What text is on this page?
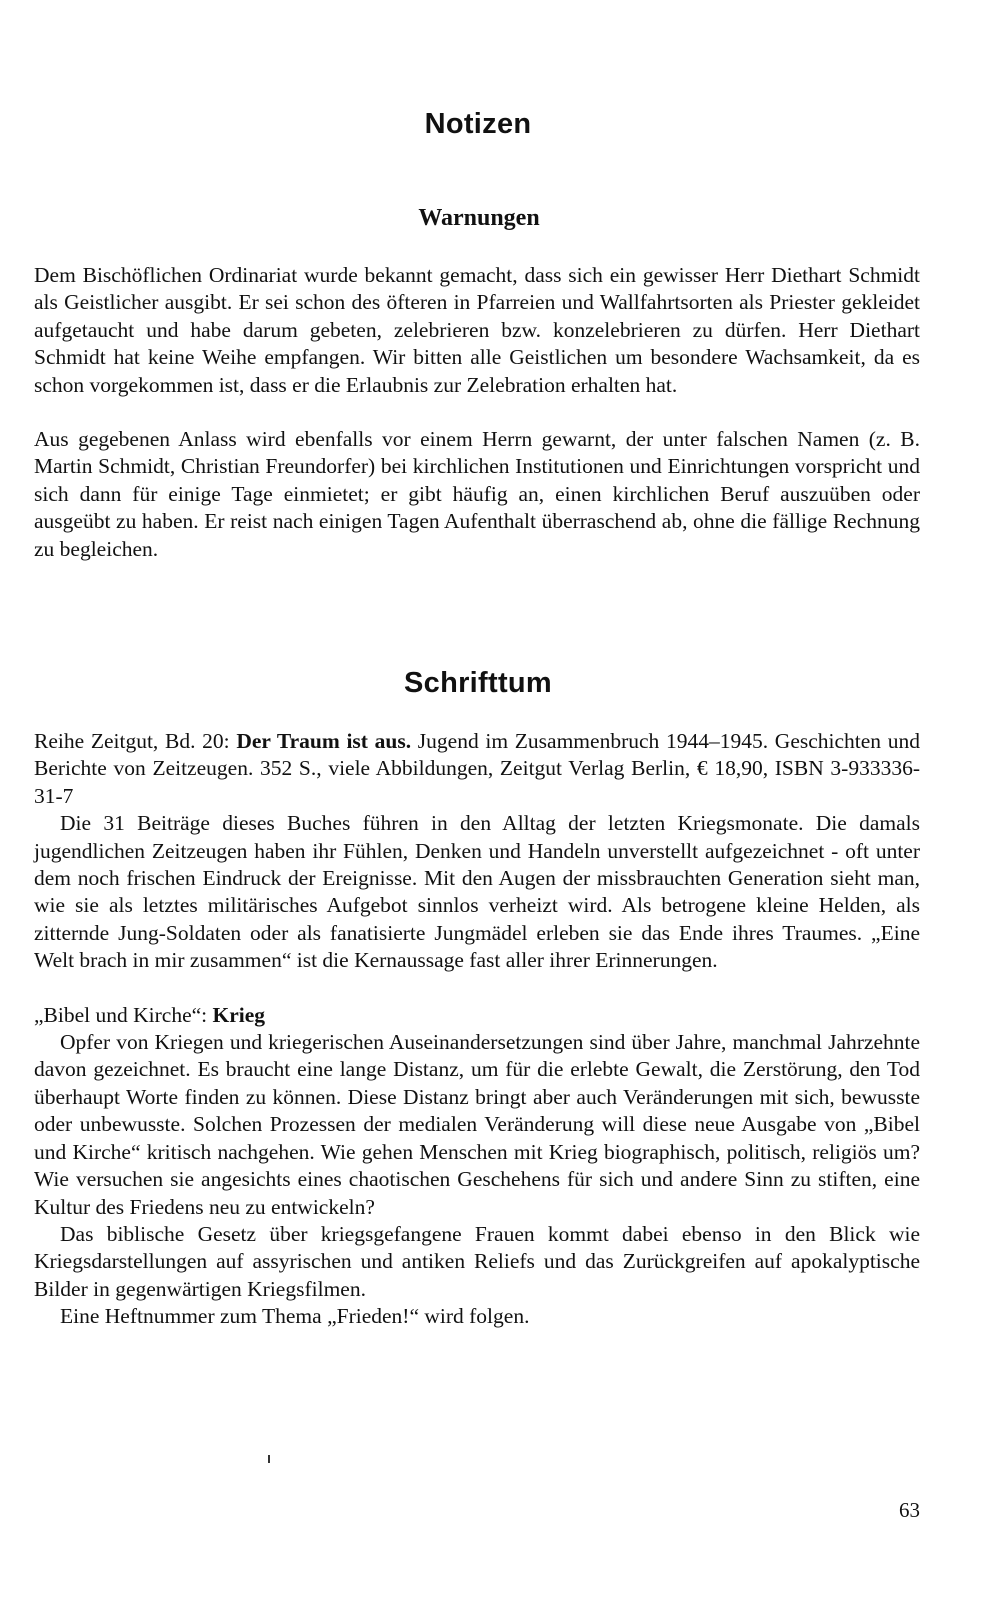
Notizen
Warnungen

Dem Bischöflichen Ordinariat wurde bekannt gemacht, dass sich ein gewisser Herr Diethart Schmidt als Geistlicher ausgibt. Er sei schon des öfteren in Pfarreien und Wallfahrtsorten als Priester gekleidet aufgetaucht und habe darum gebeten, zelebrieren bzw. konzelebrieren zu dürfen. Herr Diethart Schmidt hat keine Weihe empfangen. Wir bitten alle Geistlichen um besondere Wachsamkeit, da es schon vorgekommen ist, dass er die Erlaubnis zur Zelebration erhalten hat.

Aus gegebenen Anlass wird ebenfalls vor einem Herrn gewarnt, der unter falschen Namen (z. B. Martin Schmidt, Christian Freundorfer) bei kirchlichen Institutionen und Einrichtungen vorspricht und sich dann für einige Tage einmietet; er gibt häufig an, einen kirchlichen Beruf auszuüben oder ausgeübt zu haben. Er reist nach einigen Tagen Aufenthalt überraschend ab, ohne die fällige Rechnung zu begleichen.

Schrifttum

Reihe Zeitgut, Bd. 20: Der Traum ist aus. Jugend im Zusammenbruch 1944–1945. Geschichten und Berichte von Zeitzeugen. 352 S., viele Abbildungen, Zeitgut Verlag Berlin, € 18,90, ISBN 3-933336-31-7

Die 31 Beiträge dieses Buches führen in den Alltag der letzten Kriegsmonate. Die damals jugendlichen Zeitzeugen haben ihr Fühlen, Denken und Handeln unverstellt aufgezeichnet - oft unter dem noch frischen Eindruck der Ereignisse. Mit den Augen der missbrauchten Generation sieht man, wie sie als letztes militärisches Aufgebot sinnlos verheizt wird. Als betrogene kleine Helden, als zitternde Jung-Soldaten oder als fanatisierte Jungmädel erleben sie das Ende ihres Traumes. „Eine Welt brach in mir zusammen“ ist die Kernaussage fast aller ihrer Erinnerungen.

„Bibel und Kirche“: Krieg

Opfer von Kriegen und kriegerischen Auseinandersetzungen sind über Jahre, manchmal Jahrzehnte davon gezeichnet. Es braucht eine lange Distanz, um für die erlebte Gewalt, die Zerstörung, den Tod überhaupt Worte finden zu können. Diese Distanz bringt aber auch Veränderungen mit sich, bewusste oder unbewusste. Solchen Prozessen der medialen Veränderung will diese neue Ausgabe von „Bibel und Kirche“ kritisch nachgehen. Wie gehen Menschen mit Krieg biographisch, politisch, religiös um? Wie versuchen sie angesichts eines chaotischen Geschehens für sich und andere Sinn zu stiften, eine Kultur des Friedens neu zu entwickeln?

Das biblische Gesetz über kriegsgefangene Frauen kommt dabei ebenso in den Blick wie Kriegsdarstellungen auf assyrischen und antiken Reliefs und das Zurückgreifen auf apokalyptische Bilder in gegenwärtigen Kriegsfilmen.

Eine Heftnummer zum Thema „Frieden!“ wird folgen.

63
